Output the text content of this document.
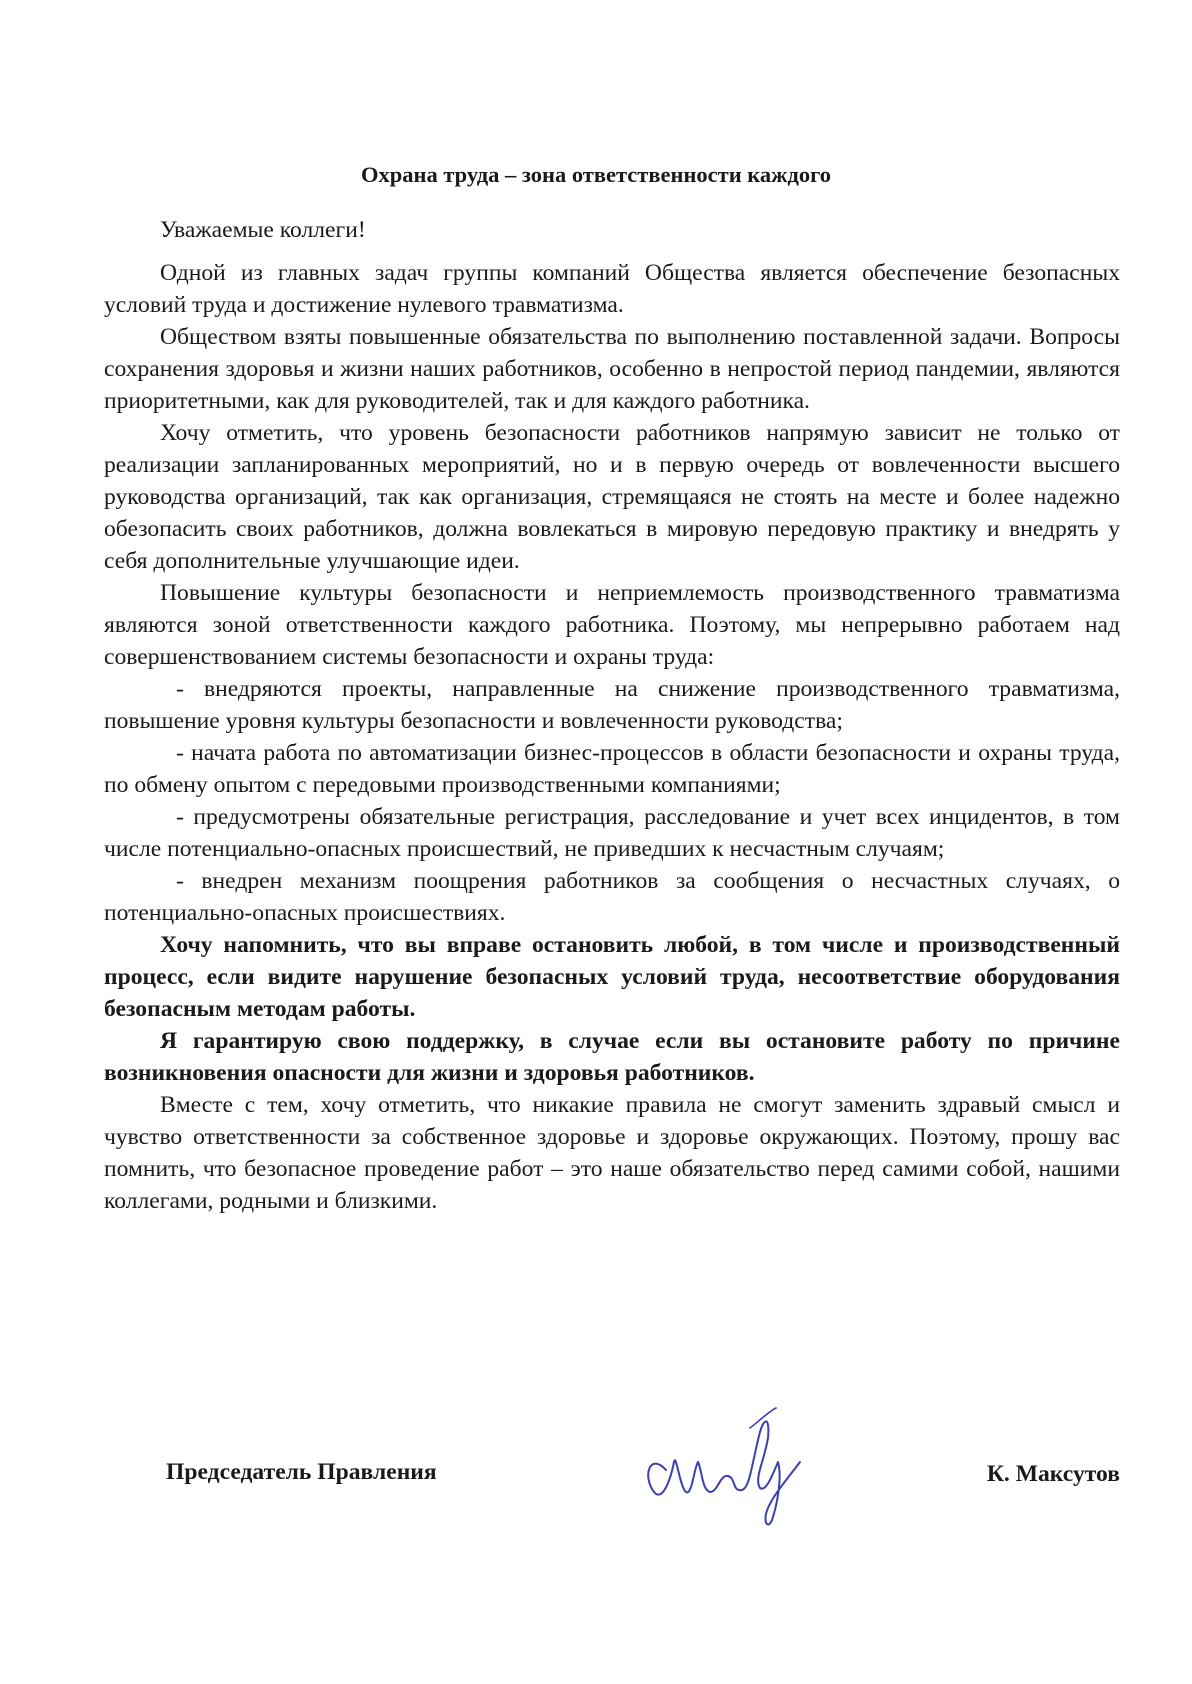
Охрана труда – зона ответственности каждого

Уважаемые коллеги!

Одной из главных задач группы компаний Общества является обеспечение безопасных условий труда и достижение нулевого травматизма.

Обществом взяты повышенные обязательства по выполнению поставленной задачи. Вопросы сохранения здоровья и жизни наших работников, особенно в непростой период пандемии, являются приоритетными, как для руководителей, так и для каждого работника.

Хочу отметить, что уровень безопасности работников напрямую зависит не только от реализации запланированных мероприятий, но и в первую очередь от вовлеченности высшего руководства организаций, так как организация, стремящаяся не стоять на месте и более надежно обезопасить своих работников, должна вовлекаться в мировую передовую практику и внедрять у себя дополнительные улучшающие идеи.

Повышение культуры безопасности и неприемлемость производственного травматизма являются зоной ответственности каждого работника. Поэтому, мы непрерывно работаем над совершенствованием системы безопасности и охраны труда:

- внедряются проекты, направленные на снижение производственного травматизма, повышение уровня культуры безопасности и вовлеченности руководства;

- начата работа по автоматизации бизнес-процессов в области безопасности и охраны труда, по обмену опытом с передовыми производственными компаниями;

- предусмотрены обязательные регистрация, расследование и учет всех инцидентов, в том числе потенциально-опасных происшествий, не приведших к несчастным случаям;

- внедрен механизм поощрения работников за сообщения о несчастных случаях, о потенциально-опасных происшествиях.

Хочу напомнить, что вы вправе остановить любой, в том числе и производственный процесс, если видите нарушение безопасных условий труда, несоответствие оборудования безопасным методам работы.

Я гарантирую свою поддержку, в случае если вы остановите работу по причине возникновения опасности для жизни и здоровья работников.

Вместе с тем, хочу отметить, что никакие правила не смогут заменить здравый смысл и чувство ответственности за собственное здоровье и здоровье окружающих. Поэтому, прошу вас помнить, что безопасное проведение работ – это наше обязательство перед самими собой, нашими коллегами, родными и близкими.

Председатель Правления	К. Максутов
